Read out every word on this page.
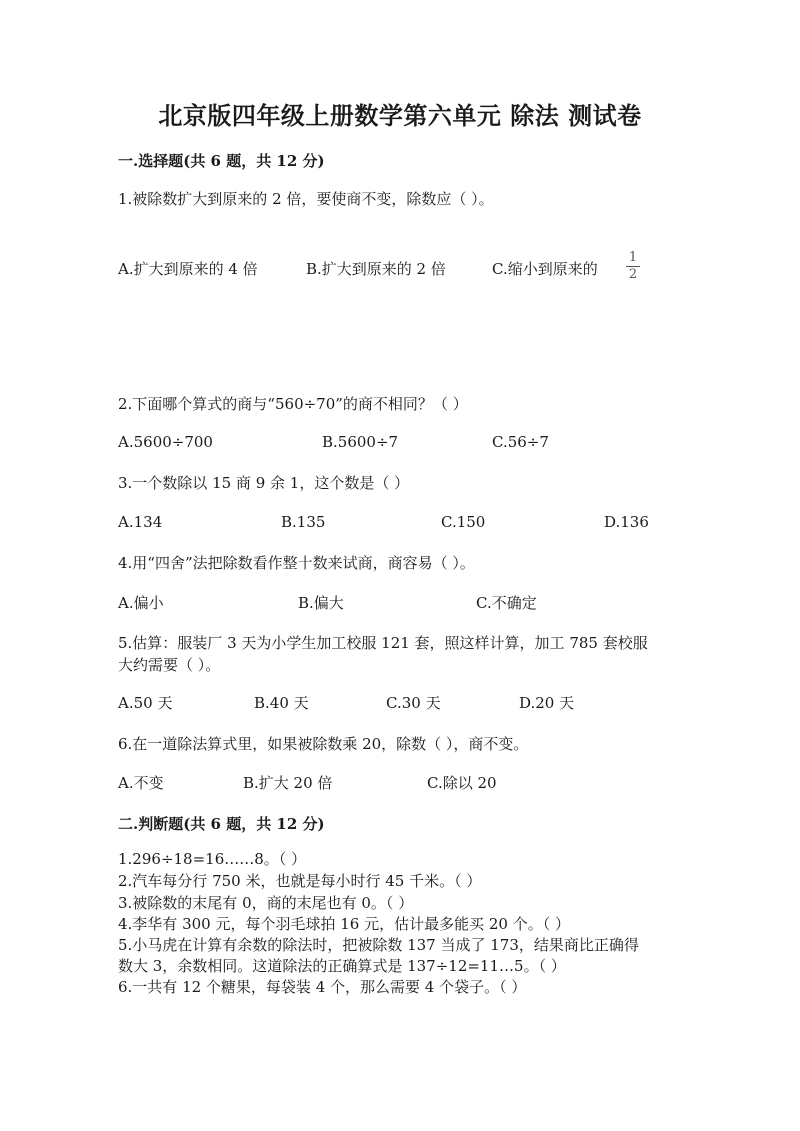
北京版四年级上册数学第六单元 除法 测试卷
一.选择题(共 6 题，共 12 分)
1.被除数扩大到原来的 2 倍，要使商不变，除数应（ ）。
A.扩大到原来的 4 倍	B.扩大到原来的 2 倍	C.缩小到原来的
1
2
2.下面哪个算式的商与“560÷70”的商不相同？（ ）
A.5600÷700	B.5600÷7	C.56÷7
3.一个数除以 15 商 9 余 1，这个数是（ ）
A.134	B.135	C.150	D.136
4.用“四舍”法把除数看作整十数来试商，商容易（ ）。
A.偏小	B.偏大	C.不确定
5.估算：服装厂 3 天为小学生加工校服 121 套，照这样计算，加工 785 套校服
大约需要（ ）。
A.50 天	B.40 天	C.30 天	D.20 天
6.在一道除法算式里，如果被除数乘 20，除数（ ），商不变。
A.不变	B.扩大 20 倍	C.除以 20
二.判断题(共 6 题，共 12 分)
1.296÷18=16……8。（ ）
2.汽车每分行 750 米，也就是每小时行 45 千米。（ ）
3.被除数的末尾有 0，商的末尾也有 0。（ ）
4.李华有 300 元，每个羽毛球拍 16 元，估计最多能买 20 个。（ ）
5.小马虎在计算有余数的除法时，把被除数 137 当成了 173，结果商比正确得
数大 3，余数相同。这道除法的正确算式是 137÷12=11…5。（ ）
6.一共有 12 个糖果，每袋装 4 个，那么需要 4 个袋子。（ ）
